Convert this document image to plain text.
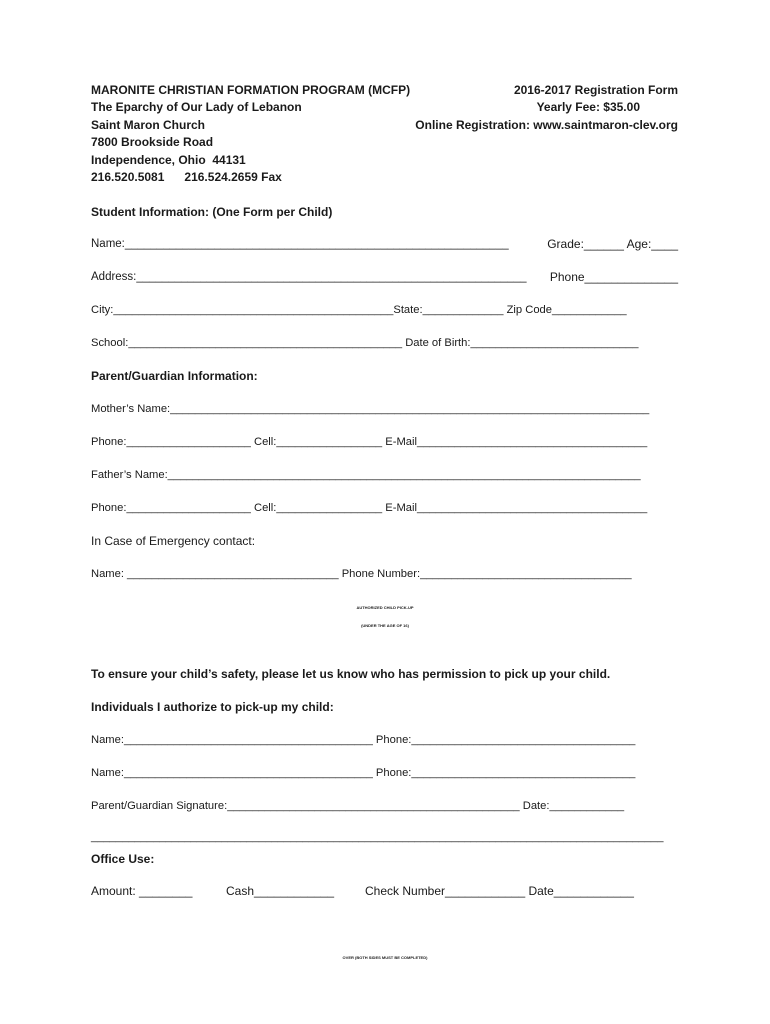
MARONITE CHRISTIAN FORMATION PROGRAM (MCFP)
The Eparchy of Our Lady of Lebanon
Saint Maron Church
7800 Brookside Road
Independence, Ohio  44131
216.520.5081      216.524.2659 Fax
2016-2017 Registration Form
Yearly Fee: $35.00
Online Registration: www.saintmaron-clev.org
Student Information: (One Form per Child)
Name:____________________________________________________________	Grade:______ Age:____
Address:_____________________________________________________________ Phone______________
City:_____________________________________________State:_____________ Zip Code____________
School:____________________________________________ Date of Birth:___________________________
Parent/Guardian Information:
Mother’s Name:_____________________________________________________________________________
Phone:____________________ Cell:_________________ E-Mail_____________________________________
Father’s Name:____________________________________________________________________________
Phone:____________________ Cell:_________________ E-Mail_____________________________________
In Case of Emergency contact:
Name: __________________________________ Phone Number:__________________________________
AUTHORIZED CHILD PICK-UP
(UNDER THE AGE OF 16)
To ensure your child’s safety, please let us know who has permission to pick up your child.
Individuals I authorize to pick-up my child:
Name:________________________________________ Phone:____________________________________
Name:________________________________________ Phone:____________________________________
Parent/Guardian Signature:_______________________________________________ Date:____________
____________________________________________________________________________________________
Office Use:
Amount: ________	Cash____________	Check Number____________ Date____________
OVER (BOTH SIDES MUST BE COMPLETED)
